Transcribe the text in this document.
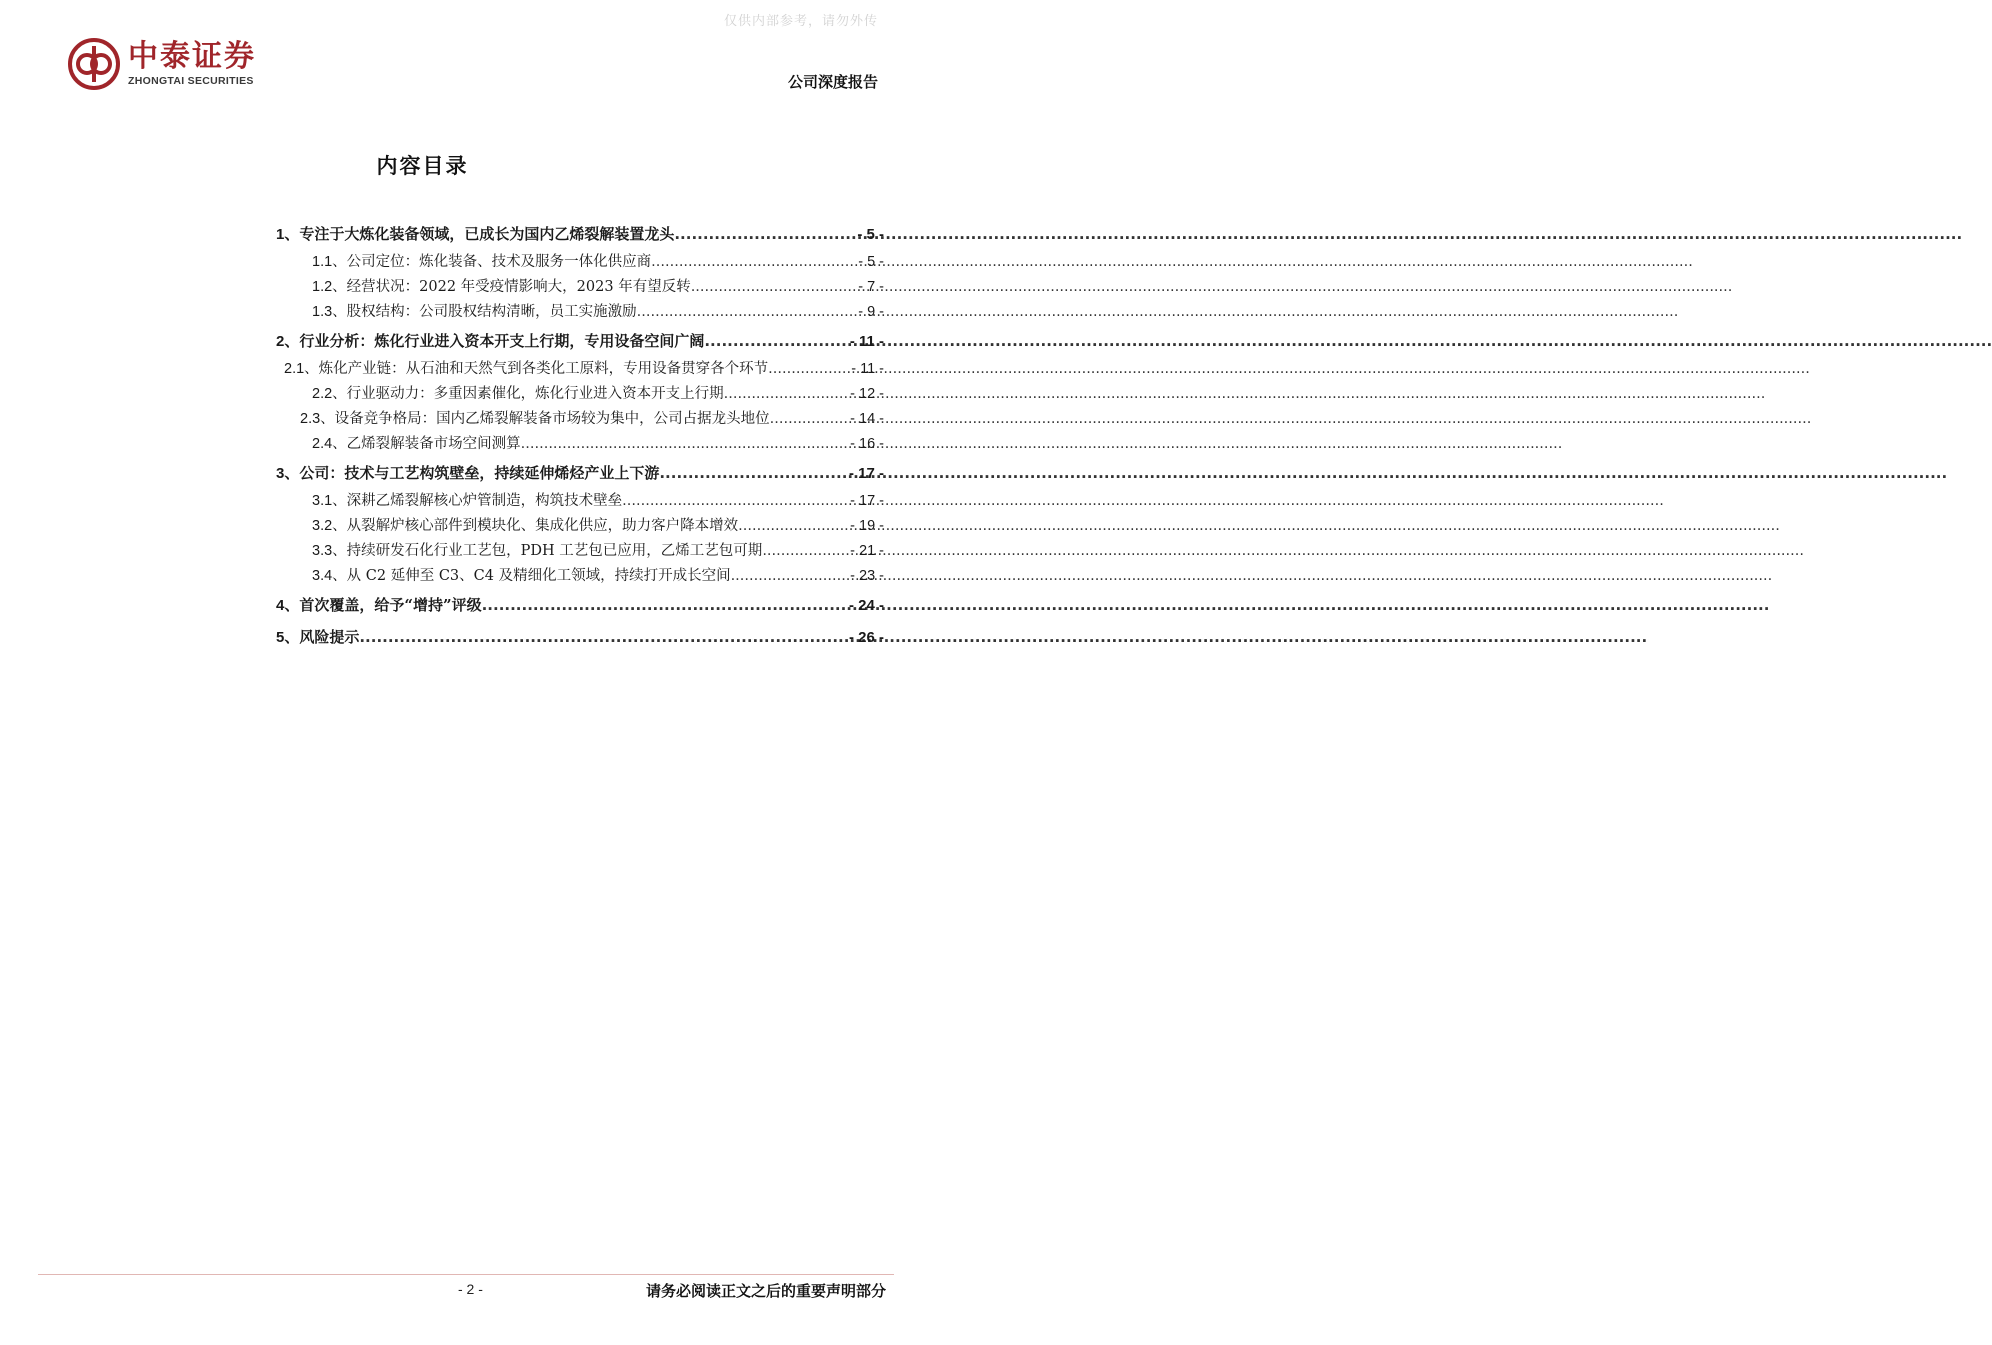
仅供内部参考，请勿外传
中泰证券
ZHONGTAI SECURITIES	公司深度报告
内容目录
1、专注于大炼化装备领域，已成长为国内乙烯裂解装置龙头 .....	- 5 -
1.1、公司定位：炼化装备、技术及服务一体化供应商 .....	- 5 -
1.2、经营状况：2022 年受疫情影响大，2023 年有望反转 .....	- 7 -
1.3、股权结构：公司股权结构清晰，员工实施激励 .....	- 9 -
2、行业分析：炼化行业进入资本开支上行期，专用设备空间广阔 .....	- 11 -
2.1、炼化产业链：从石油和天然气到各类化工原料，专用设备贯穿各个环节 .....	- 11 -
2.2、行业驱动力：多重因素催化，炼化行业进入资本开支上行期 .....	- 12 -
2.3、设备竞争格局：国内乙烯裂解装备市场较为集中，公司占据龙头地位 .....	- 14 -
2.4、乙烯裂解装备市场空间测算 .....	- 16 -
3、公司：技术与工艺构筑壁垒，持续延伸烯烃产业上下游 .....	- 17 -
3.1、深耕乙烯裂解核心炉管制造，构筑技术壁垒 .....	- 17 -
3.2、从裂解炉核心部件到模块化、集成化供应，助力客户降本增效 .....	- 19 -
3.3、持续研发石化行业工艺包，PDH 工艺包已应用，乙烯工艺包可期 .....	- 21 -
3.4、从 C2 延伸至 C3、C4 及精细化工领域，持续打开成长空间 .....	- 23 -
4、首次覆盖，给予“增持”评级 .....	- 24 -
5、风险提示 .....	- 26 -
- 2 -	请务必阅读正文之后的重要声明部分
